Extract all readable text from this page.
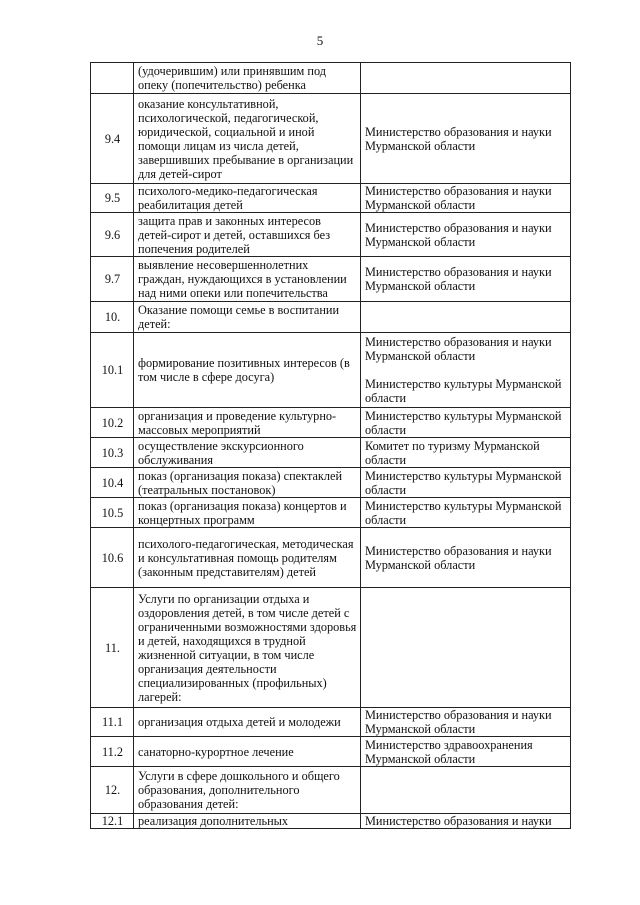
5
	(удочерившим) или принявшим под опеку (попечительство) ребенка	
9.4	оказание консультативной, психологической, педагогической, юридической, социальной и иной помощи лицам из числа детей, завершивших пребывание в организации для детей-сирот	Министерство образования и науки Мурманской области

9.5	психолого-медико-педагогическая реабилитация детей	Министерство образования и науки Мурманской области

9.6	защита прав и законных интересов детей-сирот и детей, оставшихся без попечения родителей	Министерство образования и науки Мурманской области

9.7	выявление несовершеннолетних граждан, нуждающихся в установлении над ними опеки или попечительства	Министерство образования и науки Мурманской области

10.	Оказание помощи семье в воспитании детей:	
10.1	формирование позитивных интересов (в том числе в сфере досуга)	Министерство образования и науки Мурманской области
Министерство культуры Мурманской области

10.2	организация и проведение культурно-массовых мероприятий	Министерство культуры Мурманской области

10.3	осуществление экскурсионного обслуживания	Комитет по туризму Мурманской области

10.4	показ (организация показа) спектаклей (театральных постановок)	Министерство культуры Мурманской области

10.5	показ (организация показа) концертов и концертных программ	Министерство культуры Мурманской области

10.6	психолого-педагогическая, методическая и консультативная помощь родителям (законным представителям) детей	Министерство образования и науки Мурманской области

11.	Услуги по организации отдыха и оздоровления детей, в том числе детей с ограниченными возможностями здоровья и детей, находящихся в трудной жизненной ситуации, в том числе организация деятельности специализированных (профильных) лагерей:	
11.1	организация отдыха детей и молодежи	Министерство образования и науки Мурманской области

11.2	санаторно-курортное лечение	Министерство здравоохранения Мурманской области

12.	Услуги в сфере дошкольного и общего образования, дополнительного образования детей:	
12.1	реализация дополнительных	Министерство образования и науки
